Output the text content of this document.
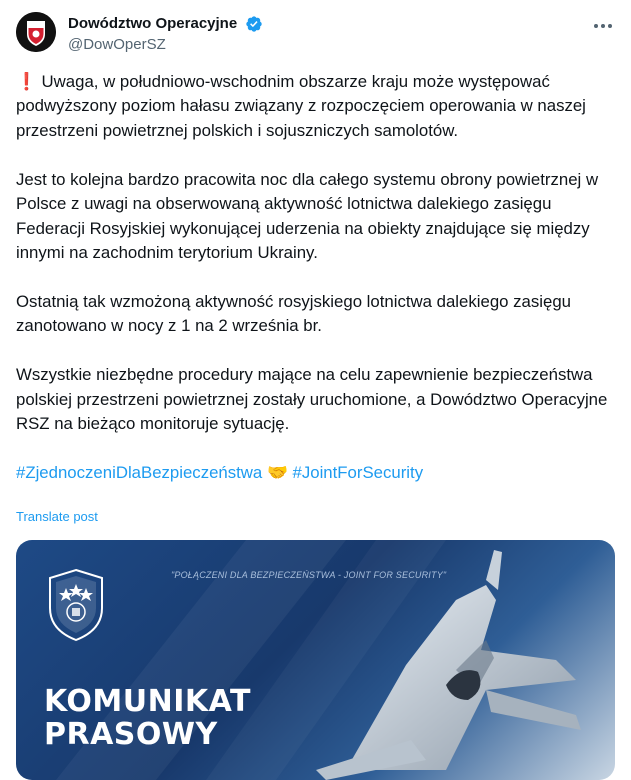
Dowództwo Operacyjne
@DowOperSZ

❗ Uwaga, w południowo-wschodnim obszarze kraju może występować podwyższony poziom hałasu związany z rozpoczęciem operowania w naszej przestrzeni powietrznej polskich i sojuszniczych samolotów.

Jest to kolejna bardzo pracowita noc dla całego systemu obrony powietrznej w Polsce z uwagi na obserwowaną aktywność lotnictwa dalekiego zasięgu Federacji Rosyjskiej wykonującej uderzenia na obiekty znajdujące się między innymi na zachodnim terytorium Ukrainy.

Ostatnią tak wzmożoną aktywność rosyjskiego lotnictwa dalekiego zasięgu zanotowano w nocy z 1 na 2 września br.

Wszystkie niezbędne procedury mające na celu zapewnienie bezpieczeństwa polskiej przestrzeni powietrznej zostały uruchomione, a Dowództwo Operacyjne RSZ na bieżąco monitoruje sytuację.

#ZjednoczeniDlaBezpieczeństwa 🤝 #JointForSecurity

Translate post
"POŁĄCZENI DLA BEZPIECZEŃSTWA - JOINT FOR SECURITY"
KOMUNIKAT
PRASOWY
